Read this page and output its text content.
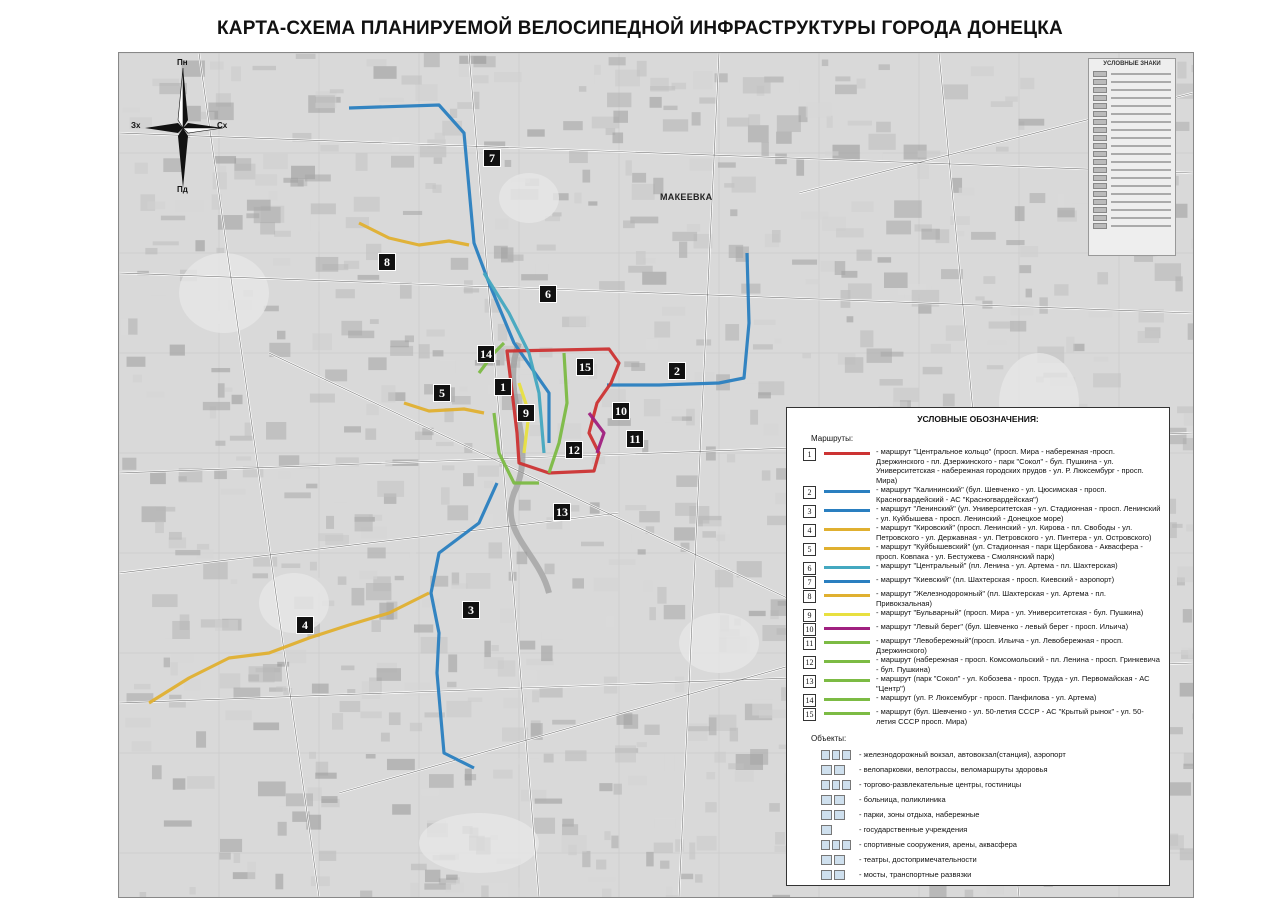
КАРТА-СХЕМА ПЛАНИРУЕМОЙ ВЕЛОСИПЕДНОЙ ИНФРАСТРУКТУРЫ ГОРОДА ДОНЕЦКА
Пн
Пд
Сх
Зх
МАКЕЕВКА
1
2
3
4
5
6
7
8
9	10
11
12
13
14
15
УСЛОВНЫЕ ЗНАКИ
УСЛОВНЫЕ ОБОЗНАЧЕНИЯ:
Маршруты:
1	- маршрут "Центральное кольцо" (просп. Мира - набережная -просп. Дзержинского - пл. Дзержинского - парк "Сокол" - бул. Пушкина - ул. Университетская - набережная городских прудов - ул. Р. Люксембург - просп. Мира)
2	- маршрут "Калининский" (бул. Шевченко - ул. Цюсимская - просп. Красногвардейский - АС "Красногвардейская")
3	- маршрут "Ленинский" (ул. Университетская - ул. Стадионная - просп. Ленинский - ул. Куйбышева - просп. Ленинский - Донецкое море)
4	- маршрут "Кировский" (просп. Ленинский - ул. Кирова - пл. Свободы - ул. Петровского - ул. Державная - ул. Петровского - ул. Пинтера - ул. Островского)
5	- маршрут "Куйбышевский" (ул. Стадионная - парк Щербакова - Аквасфера - просп. Ковпака - ул. Бестужева - Смолянский парк)
6	- маршрут "Центральный" (пл. Ленина - ул. Артема - пл. Шахтерская)
7	- маршрут "Киевский" (пл. Шахтерская - просп. Киевский - аэропорт)
8	- маршрут "Железнодорожный" (пл. Шахтерская - ул. Артема - пл. Привокзальная)
9	- маршрут "Бульварный" (просп. Мира - ул. Университетская - бул. Пушкина)
10	- маршрут "Левый берег" (бул. Шевченко - левый берег - просп. Ильича)
11	- маршрут "Левобережный"(просп. Ильича - ул. Левобережная - просп. Дзержинского)
12	- маршрут (набережная - просп. Комсомольский - пл. Ленина - просп. Гринкевича - бул. Пушкина)
13	- маршрут (парк "Сокол" - ул. Кобозева - просп. Труда - ул. Первомайская - АС "Центр")
14	- маршрут (ул. Р. Люксембург - просп. Панфилова - ул. Артема)
15	- маршрут (бул. Шевченко - ул. 50-летия СССР - АС "Крытый рынок" - ул. 50-летия СССР просп. Мира)
Объекты:
- железнодорожный вокзал, автовокзал(станция), аэропорт
- велопарковки, велотрассы, веломаршруты здоровья
- торгово-развлекательные центры, гостиницы
- больница, поликлиника
- парки, зоны отдыха, набережные
- государственные учреждения
- спортивные сооружения, арены, аквасфера
- театры, достопримечательности
- мосты, транспортные развязки
